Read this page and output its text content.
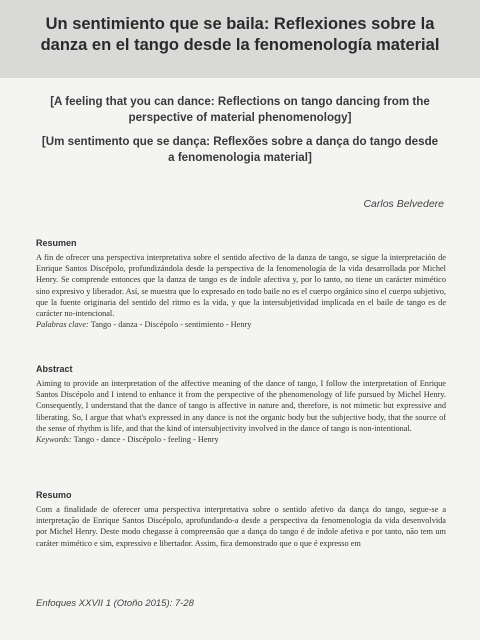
Un sentimiento que se baila: Reflexiones sobre la danza en el tango desde la fenomenología material
[A feeling that you can dance: Reflections on tango dancing from the perspective of material phenomenology]
[Um sentimento que se dança: Reflexões sobre a dança do tango desde a fenomenologia material]
Carlos Belvedere
Resumen

A fin de ofrecer una perspectiva interpretativa sobre el sentido afectivo de la danza de tango, se sigue la interpretación de Enrique Santos Discépolo, profundizándola desde la perspectiva de la fenomenología de la vida desarrollada por Michel Henry. Se comprende entonces que la danza de tango es de índole afectiva y, por lo tanto, no tiene un carácter mimético sino expresivo y liberador. Así, se muestra que lo expresado en todo baile no es el cuerpo orgánico sino el cuerpo subjetivo, que la fuente originaria del sentido del ritmo es la vida, y que la intersubjetividad implicada en el baile de tango es de carácter no-intencional.

Palabras clave: Tango - danza - Discépolo - sentimiento - Henry

Abstract

Aiming to provide an interpretation of the affective meaning of the dance of tango, I follow the interpretation of Enrique Santos Discépolo and I intend to enhance it from the perspective of the phenomenology of life pursued by Michel Henry. Consequently, I understand that the dance of tango is affective in nature and, therefore, is not mimetic but expressive and liberating. So, I argue that what's expressed in any dance is not the organic body but the subjective body, that the source of the sense of rhythm is life, and that the kind of intersubjectivity involved in the dance of tango is non-intentional.

Keywords: Tango - dance - Discépolo - feeling - Henry

Resumo

Com a finalidade de oferecer uma perspectiva interpretativa sobre o sentido afetivo da dança do tango, segue-se a interpretação de Enrique Santos Discépolo, aprofundando-a desde a perspectiva da fenomenologia da vida desenvolvida por Michel Henry. Deste modo chegasse à compreensão que a dança do tango é de índole afetiva e por tanto, não tem um caráter mimético e sim, expressivo e libertador. Assim, fica demonstrado que o que é expresso em

Enfoques XXVII 1 (Otoño 2015): 7-28
